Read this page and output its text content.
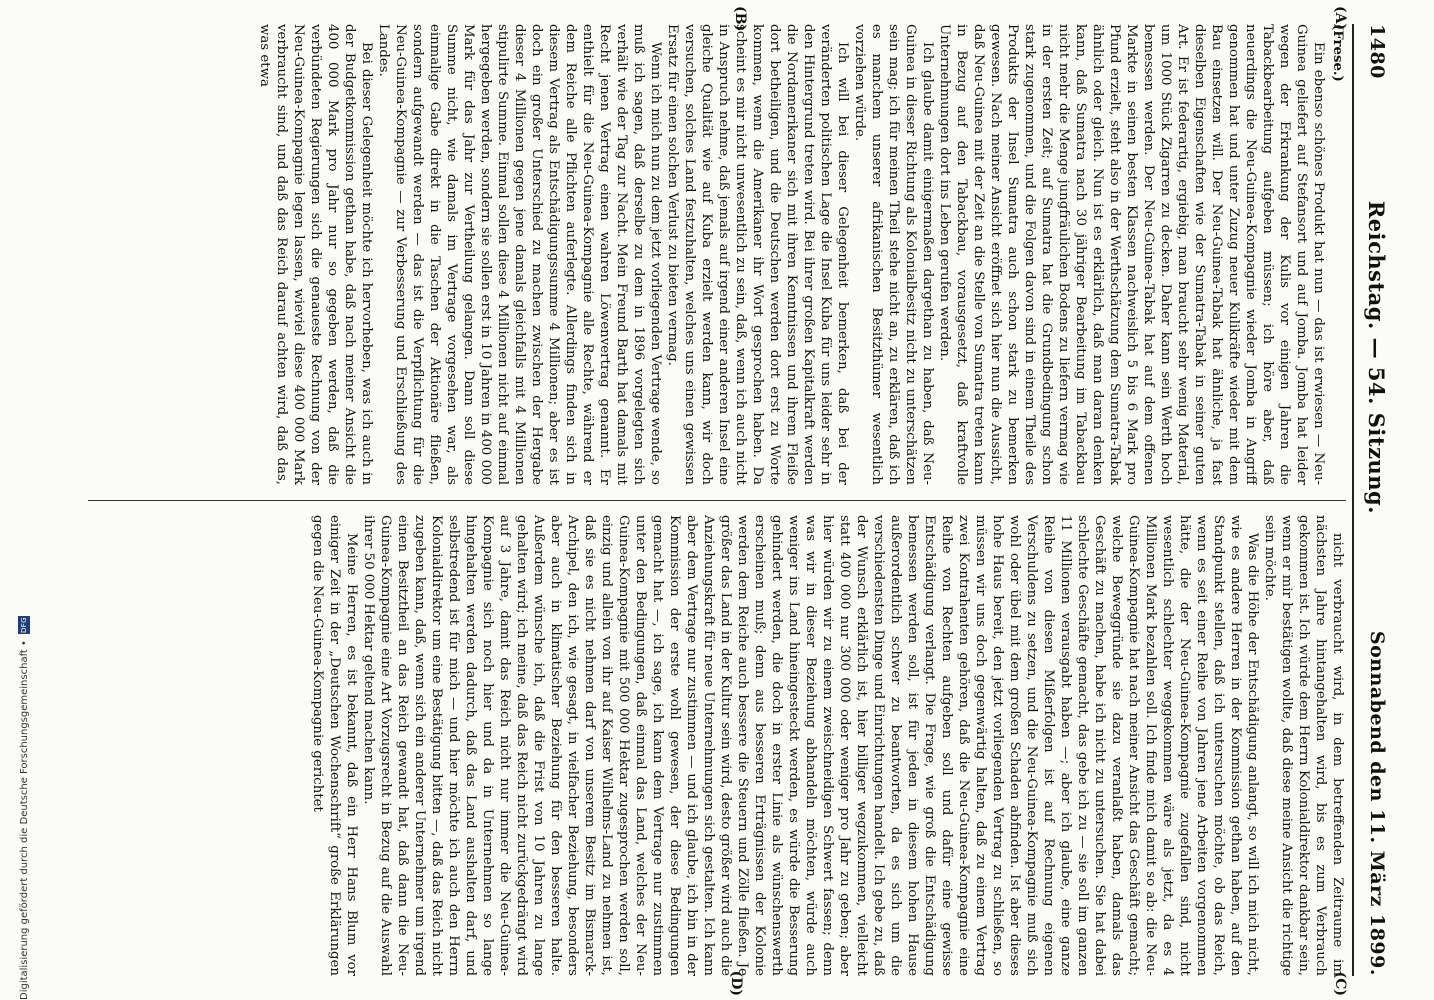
1480
Reichstag. — 54. Sitzung.
Sonnabend den 11. März 1899.
(A)
(B)
(C)
(D)
(Frese.)

Ein ebenso schönes Produkt hat nun — das ist erwiesen — Neu-Guinea geliefert auf Stefansort und auf Jomba. Jomba hat leider wegen der Erkrankung der Kulis vor einigen Jahren die Tabackbearbeitung aufgeben müssen; ich höre aber, daß neuerdings die Neu-Guinea-Kompagnie wieder Jomba in Angriff genommen hat und unter Zuzug neuer Kulikräfte wieder mit dem Bau einsetzen will. Der Neu-Guinea-Tabak hat ähnliche, ja fast dieselben Eigenschaften wie der Sumatra-Tabak in seiner guten Art. Er ist federartig, ergiebig, man braucht sehr wenig Material, um 1000 Stück Zigarren zu decken. Daher kann sein Werth hoch bemessen werden. Der Neu-Guinea-Tabak hat auf dem offenen Markte in seinen besten Klassen nachweislich 5 bis 6 Mark pro Pfund erzielt, steht also in der Werthschätzung dem Sumatra-Tabak ähnlich oder gleich. Nun ist es erklärlich, daß man daran denken kann, daß Sumatra nach 30 jähriger Bearbeitung im Tabackbau nicht mehr die Menge jungfräulichen Bodens zu liefern vermag wie in der ersten Zeit; auf Sumatra hat die Grundbedingung schon stark zugenommen, und die Folgen davon sind in einem Theile des Produkts der Insel Sumatra auch schon stark zu bemerken gewesen. Nach meiner Ansicht eröffnet sich hier nun die Aussicht, daß Neu-Guinea mit der Zeit an die Stelle von Sumatra treten kann in Bezug auf den Tabackbau, vorausgesetzt, daß kraftvolle Unternehmungen dort ins Leben gerufen werden.

Ich glaube damit einigermaßen dargethan zu haben, daß Neu-Guinea in dieser Richtung als Kolonialbesitz nicht zu unterschätzen sein mag; ich für meinen Theil stehe nicht an, zu erklären, daß ich es manchem unserer afrikanischen Besitzthümer wesentlich vorziehen würde.

Ich will bei dieser Gelegenheit bemerken, daß bei der veränderten politischen Lage die Insel Kuba für uns leider sehr in den Hintergrund treten wird. Bei ihrer großen Kapitalkraft werden die Nordamerikaner sich mit ihren Kenntnissen und ihrem Fleiße dort betheiligen, und die Deutschen werden dort erst zu Worte kommen, wenn die Amerikaner ihr Wort gesprochen haben. Da scheint es mir nicht unwesentlich zu sein, daß, wenn ich auch nicht in Anspruch nehme, daß jemals auf irgend einer anderen Insel eine gleiche Qualität wie auf Kuba erzielt werden kann, wir doch versuchen, solches Land festzuhalten, welches uns einen gewissen Ersatz für einen solchen Verlust zu bieten vermag.

Wenn ich mich nun zu dem jetzt vorliegenden Vertrage wende, so muß ich sagen, daß derselbe zu dem in 1896 vorgelegten sich verhält wie der Tag zur Nacht. Mein Freund Barth hat damals mit Recht jenen Vertrag einen wahren Löwenvertrag genannt. Er enthielt für die Neu-Guinea-Kompagnie alle Rechte, während er dem Reiche alle Pflichten auferlegte. Allerdings finden sich in diesem Vertrag als Entschädigungssumme 4 Millionen; aber es ist doch ein großer Unterschied zu machen zwischen der Hergabe dieser 4 Millionen gegen jene damals gleichfalls mit 4 Millionen stipulirte Summe. Einmal sollen diese 4 Millionen nicht auf einmal hergegeben werden, sondern sie sollen erst in 10 Jahren in 400 000 Mark für das Jahr zur Vertheilung gelangen. Dann soll diese Summe nicht, wie damals im Vertrage vorgesehen war, als einmalige Gabe direkt in die Taschen der Aktionäre fließen, sondern aufgewandt werden — das ist die Verpflichtung für die Neu-Guinea-Kompagnie — zur Verbesserung und Erschließung des Landes.

Bei dieser Gelegenheit möchte ich hervorheben, was ich auch in der Budgetkommission gethan habe, daß nach meiner Ansicht die 400 000 Mark pro Jahr nur so gegeben werden, daß die verbündeten Regierungen sich die genaueste Rechnung von der Neu-Guinea-Kompagnie legen lassen, wieviel diese 400 000 Mark verbraucht sind, und daß das Reich darauf achten wird, daß das, was etwa

nicht verbraucht wird, in dem betreffenden Zeitraume im nächsten Jahre hintangehalten wird, bis es zum Verbrauch gekommen ist. Ich würde dem Herrn Kolonialdirektor dankbar sein, wenn er mir bestätigen wollte, daß diese meine Ansicht die richtige sein möchte.

Was die Höhe der Entschädigung anlangt, so will ich mich nicht, wie es andere Herren in der Kommission gethan haben, auf den Standpunkt stellen, daß ich untersuchen möchte, ob das Reich, wenn es seit einer Reihe von Jahren jene Arbeiten vorgenommen hätte, die der Neu-Guinea-Kompagnie zugefallen sind, nicht wesentlich schlechter weggekommen wäre als jetzt, da es 4 Millionen Mark bezahlen soll. Ich finde mich damit so ab: die Neu-Guinea-Kompagnie hat nach meiner Ansicht das Geschäft gemacht; welche Beweggründe sie dazu veranlaßt haben, damals das Geschäft zu machen, habe ich nicht zu untersuchen. Sie hat dabei schlechte Geschäfte gemacht, das gebe ich zu — sie soll im ganzen 11 Millionen verausgabt haben —; aber ich glaube, eine ganze Reihe von diesen Mißerfolgen ist auf Rechnung eigenen Verschuldens zu setzen, und die Neu-Guinea-Kompagnie muß sich wohl oder übel mit dem großen Schaden abfinden. Ist aber dieses hohe Haus bereit, den jetzt vorliegenden Vertrag zu schließen, so müssen wir uns doch gegenwärtig halten, daß zu einem Vertrag zwei Kontrahenten gehören, daß die Neu-Guinea-Kompagnie eine Reihe von Rechten aufgeben soll und dafür eine gewisse Entschädigung verlangt. Die Frage, wie groß die Entschädigung bemessen werden soll, ist für jeden in diesem hohen Hause außerordentlich schwer zu beantworten, da es sich um die verschiedensten Dinge und Einrichtungen handelt. Ich gebe zu, daß der Wunsch erklärlich ist, hier billiger wegzukommen, vielleicht statt 400 000 nur 300 000 oder weniger pro Jahr zu geben; aber hier würden wir zu einem zweischneidigen Schwert fassen; denn was wir in dieser Beziehung abhandeln möchten, würde auch weniger ins Land hineingesteckt werden, es würde die Besserung gehindert werden, die doch in erster Linie als wünschenswerth erscheinen muß; denn aus besseren Erträgnissen der Kolonie werden dem Reiche auch bessere die Steuern und Zölle fließen. Je größer das Land in der Kultur sein wird, desto größer wird auch die Anziehungskraft für neue Unternehmungen sich gestalten. Ich kann aber dem Vertrage nur zustimmen — und ich glaube, ich bin in der Kommission der erste wohl gewesen, der diese Bedingungen gemacht hat —, ich sage, ich kann dem Vertrage nur zustimmen unter den Bedingungen, daß einmal das Land, welches der Neu-Guinea-Kompagnie mit 500 000 Hektar zugesprochen werden soll, einzig und allein von ihr auf Kaiser Wilhelms-Land zu nehmen ist, daß sie es nicht nehmen darf von unserem Besitz im Bismarck-Archipel, den ich, wie gesagt, in vielfacher Beziehung, besonders aber auch in klimatischer Beziehung für den besseren halte. Außerdem wünsche ich, daß die Frist von 10 Jahren zu lange gehalten wird; ich meine, daß das Reich nicht zurückgedrängt wird auf 3 Jahre, damit das Reich nicht nur immer die Neu-Guinea-Kompagnie sich noch hier und da in Unternehmen so lange hingehalten werden dadurch, daß das Land aushalten darf, und selbstredend ist für mich — und hier möchte ich auch den Herrn Kolonialdirektor um eine Bestätigung bitten —, daß das Reich nicht zugeben kann, daß, wenn sich ein anderer Unternehmer um irgend einen Besitztheil an das Reich gewandt hat, daß dann die Neu-Guinea-Kompagnie eine Art Vorzugsrecht in Bezug auf die Auswahl ihrer 50 000 Hektar geltend machen kann.

Meine Herren, es ist bekannt, daß ein Herr Hans Blum vor einiger Zeit in der „Deutschen Wochenschrift“ große Erklärungen gegen die Neu-Guinea-Kompagnie gerichtet

Digitalisierung gefördert durch die Deutsche Forschungsgemeinschaft •
DFG
